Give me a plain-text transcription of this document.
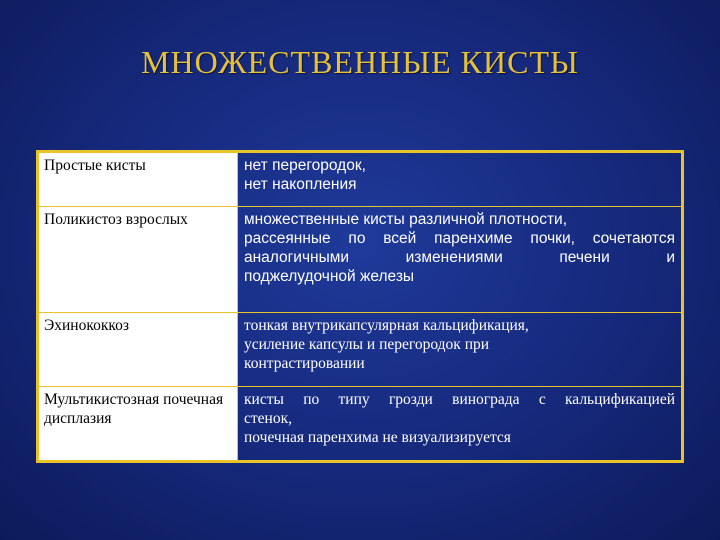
МНОЖЕСТВЕННЫЕ КИСТЫ
Простые кисты	нет перегородок,
нет накопления

Поликистоз взрослых	множественные кисты различной плотности,
рассеянные по всей паренхиме почки, сочетаются
аналогичными изменениями печени и
поджелудочной железы

Эхинококкоз	тонкая внутрикапсулярная кальцификация,
усиление капсулы и перегородок при
контрастировании

Мультикистозная почечная дисплазия	кисты по типу грозди винограда с кальцификацией
стенок,
почечная паренхима не визуализируется
